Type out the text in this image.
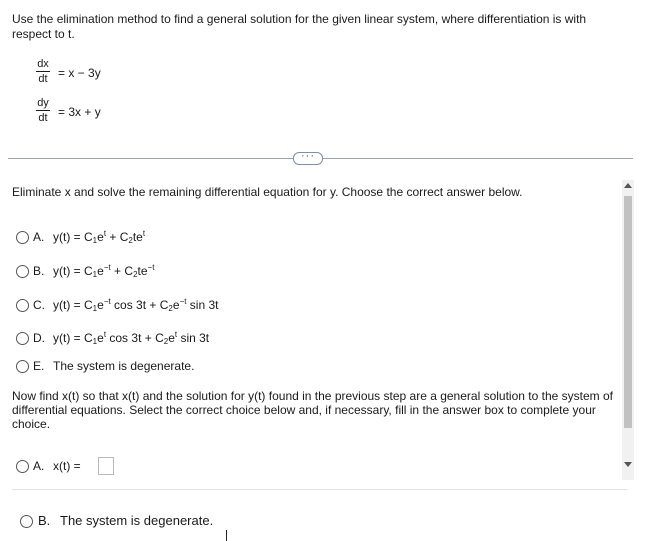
Use the elimination method to find a general solution for the given linear system, where differentiation is with respect to t.
dx
dt = x − 3y
dy
dt = 3x + y
···
Eliminate x and solve the remaining differential equation for y. Choose the correct answer below.
A. $y(t) = C_1e^t + C_2te^t$
B. $y(t) = C_1e^{-t} + C_2te^{-t}$
C. $y(t) = C_1e^{-t}$ $\cos 3t + C_2e^{-t}$ sin 3t
D. $y(t) = C_1e^t$ $\cos 3t + C_2e^t$ sin 3t
E. The system is degenerate.
Now find x(t) so that x(t) and the solution for y(t) found in the previous step are a general solution to the system of differential equations. Select the correct choice below and, if necessary, fill in the answer box to complete your choice.
A. x(t) =
B. The system is degenerate.
